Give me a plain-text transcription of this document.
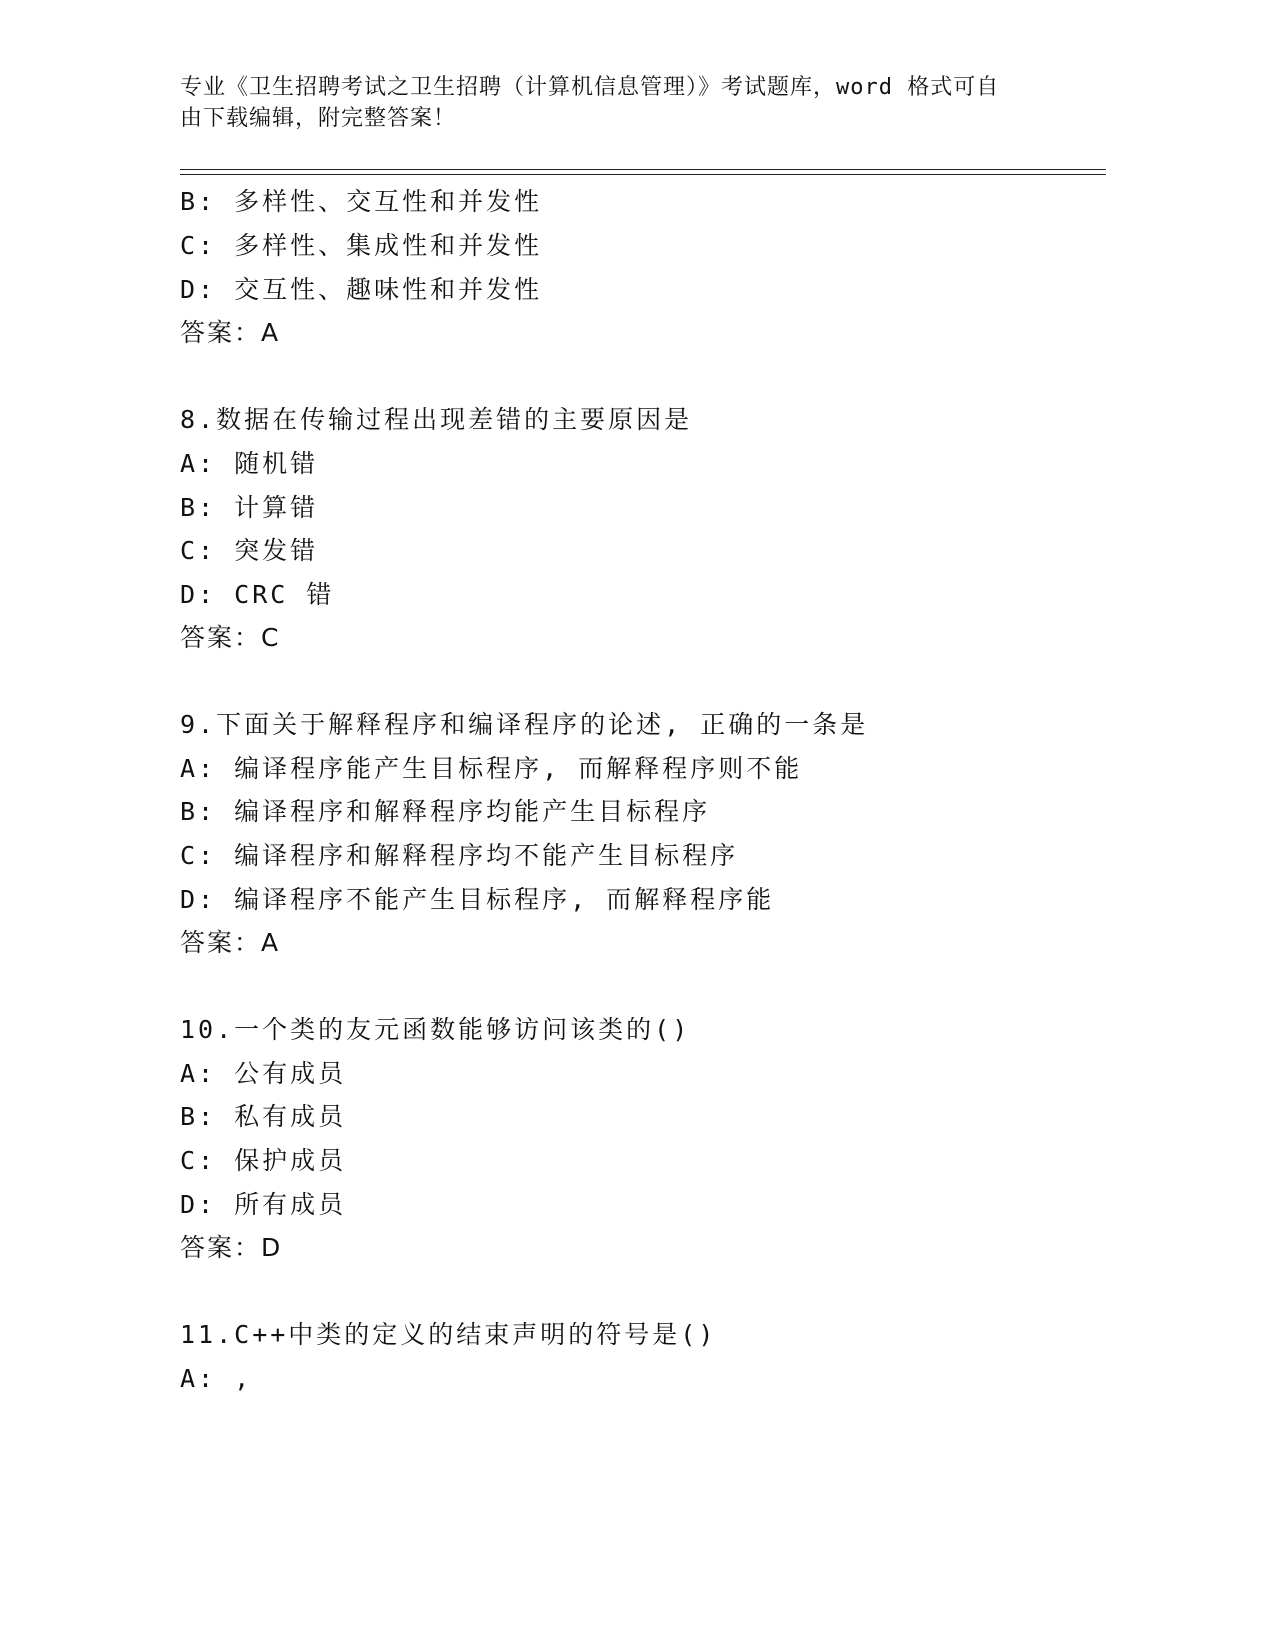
专业《卫生招聘考试之卫生招聘（计算机信息管理）》考试题库，word 格式可自
由下载编辑，附完整答案！
B: 多样性、交互性和并发性
C: 多样性、集成性和并发性
D: 交互性、趣味性和并发性
答案：A
8.数据在传输过程出现差错的主要原因是
A: 随机错
B: 计算错
C: 突发错
D: CRC 错
答案：C
9.下面关于解释程序和编译程序的论述, 正确的一条是
A: 编译程序能产生目标程序, 而解释程序则不能
B: 编译程序和解释程序均能产生目标程序
C: 编译程序和解释程序均不能产生目标程序
D: 编译程序不能产生目标程序, 而解释程序能
答案：A
10.一个类的友元函数能够访问该类的()
A: 公有成员
B: 私有成员
C: 保护成员
D: 所有成员
答案：D
11.C++中类的定义的结束声明的符号是()
A: ,
